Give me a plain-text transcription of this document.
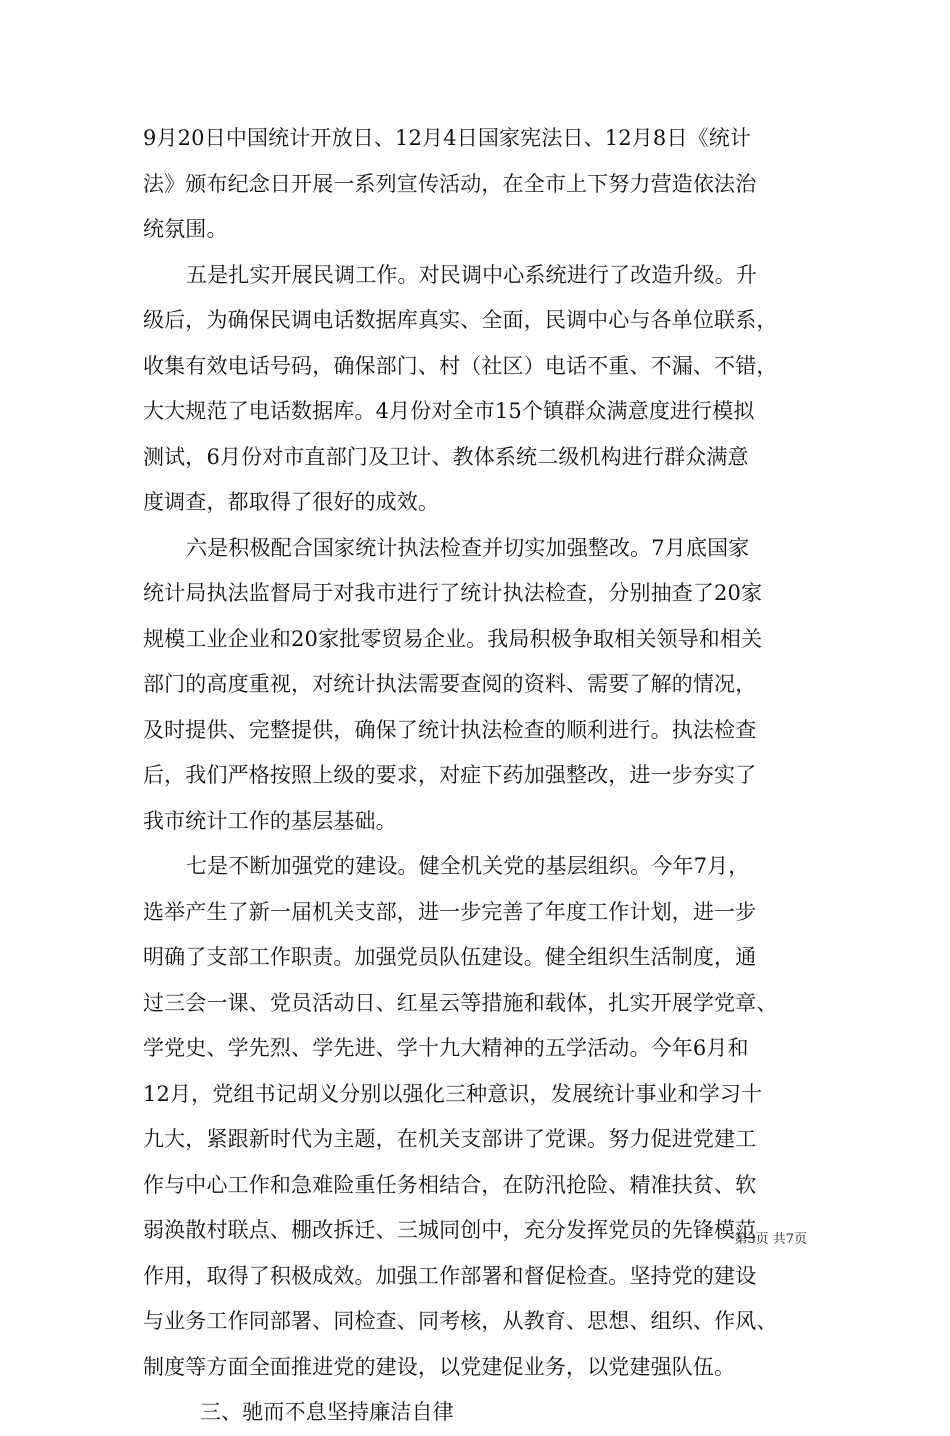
9月20日中国统计开放日、12月4日国家宪法日、12月8日《统计
法》颁布纪念日开展一系列宣传活动，在全市上下努力营造依法治
统氛围。
五是扎实开展民调工作。对民调中心系统进行了改造升级。升
级后，为确保民调电话数据库真实、全面，民调中心与各单位联系，
收集有效电话号码，确保部门、村（社区）电话不重、不漏、不错，
大大规范了电话数据库。4月份对全市15个镇群众满意度进行模拟
测试，6月份对市直部门及卫计、教体系统二级机构进行群众满意
度调查，都取得了很好的成效。
六是积极配合国家统计执法检查并切实加强整改。7月底国家
统计局执法监督局于对我市进行了统计执法检查，分别抽查了20家
规模工业企业和20家批零贸易企业。我局积极争取相关领导和相关
部门的高度重视，对统计执法需要查阅的资料、需要了解的情况，
及时提供、完整提供，确保了统计执法检查的顺利进行。执法检查
后，我们严格按照上级的要求，对症下药加强整改，进一步夯实了
我市统计工作的基层基础。
七是不断加强党的建设。健全机关党的基层组织。今年7月，
选举产生了新一届机关支部，进一步完善了年度工作计划，进一步
明确了支部工作职责。加强党员队伍建设。健全组织生活制度，通
过三会一课、党员活动日、红星云等措施和载体，扎实开展学党章、
学党史、学先烈、学先进、学十九大精神的五学活动。今年6月和
12月，党组书记胡义分别以强化三种意识，发展统计事业和学习十
九大，紧跟新时代为主题，在机关支部讲了党课。努力促进党建工
作与中心工作和急难险重任务相结合，在防汛抢险、精准扶贫、软
弱涣散村联点、棚改拆迁、三城同创中，充分发挥党员的先锋模范
作用，取得了积极成效。加强工作部署和督促检查。坚持党的建设
与业务工作同部署、同检查、同考核，从教育、思想、组织、作风、
制度等方面全面推进党的建设，以党建促业务，以党建强队伍。
三、驰而不息坚持廉洁自律
第3页 共7页
